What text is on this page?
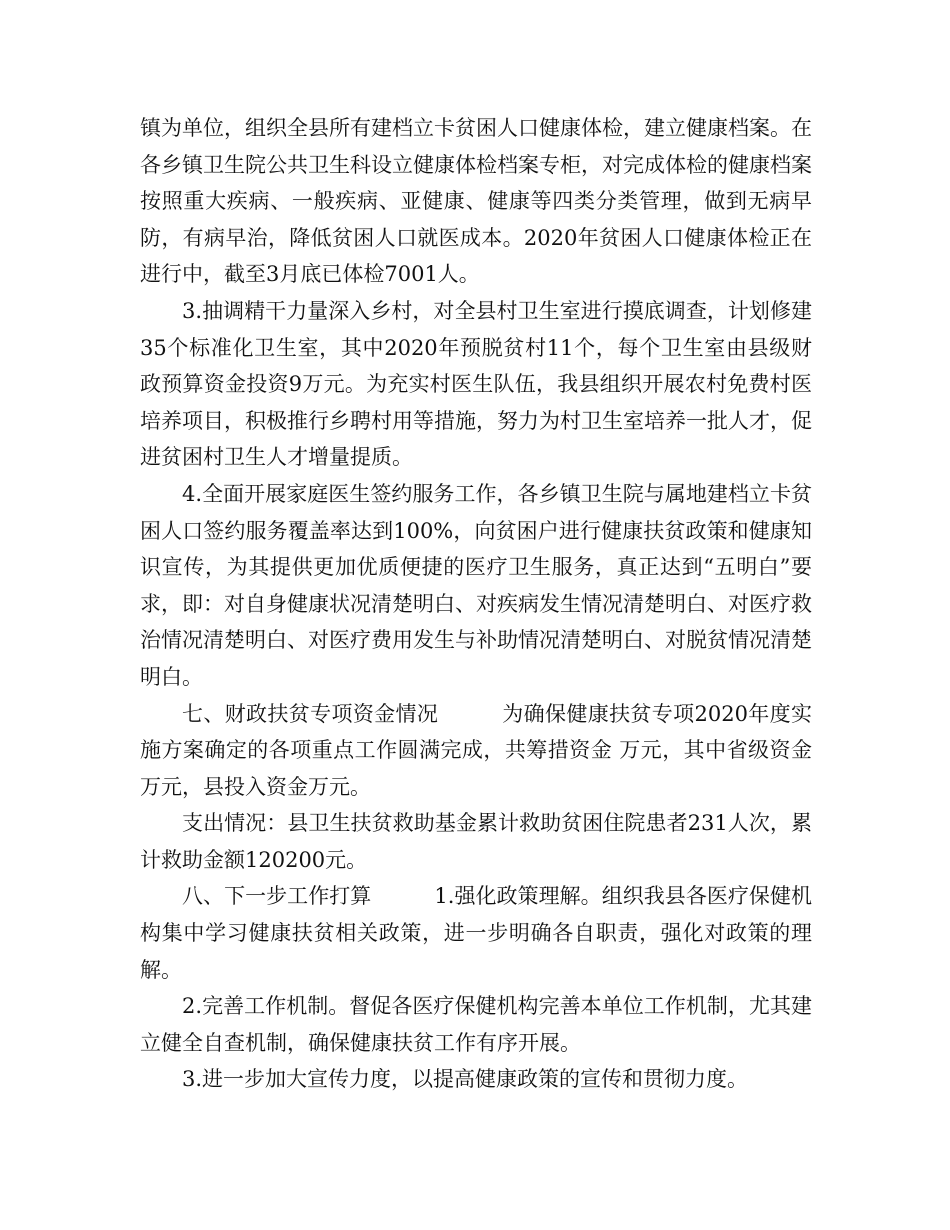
镇为单位，组织全县所有建档立卡贫困人口健康体检，建立健康档案。在各乡镇卫生院公共卫生科设立健康体检档案专柜，对完成体检的健康档案按照重大疾病、一般疾病、亚健康、健康等四类分类管理，做到无病早防，有病早治，降低贫困人口就医成本。2020年贫困人口健康体检正在进行中，截至3月底已体检7001人。

3.抽调精干力量深入乡村，对全县村卫生室进行摸底调查，计划修建35个标准化卫生室，其中2020年预脱贫村11个，每个卫生室由县级财政预算资金投资9万元。为充实村医生队伍，我县组织开展农村免费村医培养项目，积极推行乡聘村用等措施，努力为村卫生室培养一批人才，促进贫困村卫生人才增量提质。

4.全面开展家庭医生签约服务工作，各乡镇卫生院与属地建档立卡贫困人口签约服务覆盖率达到100%，向贫困户进行健康扶贫政策和健康知识宣传，为其提供更加优质便捷的医疗卫生服务，真正达到“五明白”要求，即：对自身健康状况清楚明白、对疾病发生情况清楚明白、对医疗救治情况清楚明白、对医疗费用发生与补助情况清楚明白、对脱贫情况清楚明白。

七、财政扶贫专项资金情况　　　为确保健康扶贫专项2020年度实施方案确定的各项重点工作圆满完成，共筹措资金 万元，其中省级资金 万元，县投入资金万元。

支出情况：县卫生扶贫救助基金累计救助贫困住院患者231人次，累计救助金额120200元。

八、下一步工作打算　　　1.强化政策理解。组织我县各医疗保健机构集中学习健康扶贫相关政策，进一步明确各自职责，强化对政策的理解。

2.完善工作机制。督促各医疗保健机构完善本单位工作机制，尤其建立健全自查机制，确保健康扶贫工作有序开展。

3.进一步加大宣传力度，以提高健康政策的宣传和贯彻力度。
